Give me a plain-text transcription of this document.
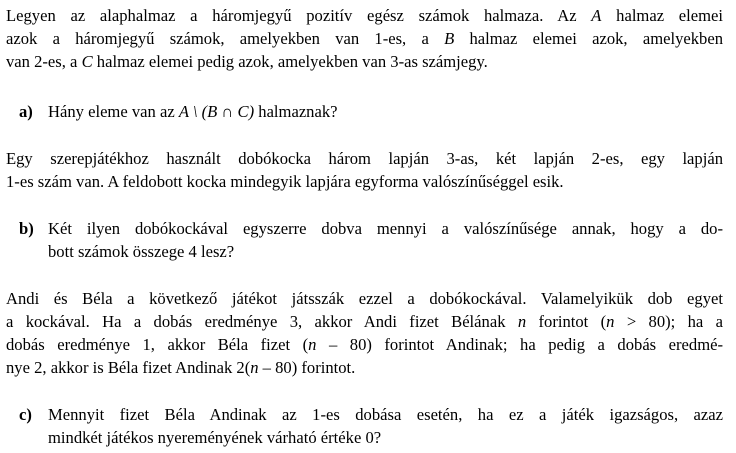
Legyen az alaphalmaz a háromjegyű pozitív egész számok halmaza. Az A halmaz elemei
azok a háromjegyű számok, amelyekben van 1-es, a B halmaz elemei azok, amelyekben
van 2-es, a C halmaz elemei pedig azok, amelyekben van 3-as számjegy.
a) Hány eleme van az A \ (B ∩ C) halmaznak?
Egy szerepjátékhoz használt dobókocka három lapján 3-as, két lapján 2-es, egy lapján
1-es szám van. A feldobott kocka mindegyik lapjára egyforma valószínűséggel esik.
b) Két ilyen dobókockával egyszerre dobva mennyi a valószínűsége annak, hogy a do-
bott számok összege 4 lesz?
Andi és Béla a következő játékot játsszák ezzel a dobókockával. Valamelyikük dob egyet
a kockával. Ha a dobás eredménye 3, akkor Andi fizet Bélának n forintot (n > 80); ha a
dobás eredménye 1, akkor Béla fizet (n – 80) forintot Andinak; ha pedig a dobás eredmé-
nye 2, akkor is Béla fizet Andinak 2(n – 80) forintot.
c) Mennyit fizet Béla Andinak az 1-es dobása esetén, ha ez a játék igazságos, azaz
mindkét játékos nyereményének várható értéke 0?
